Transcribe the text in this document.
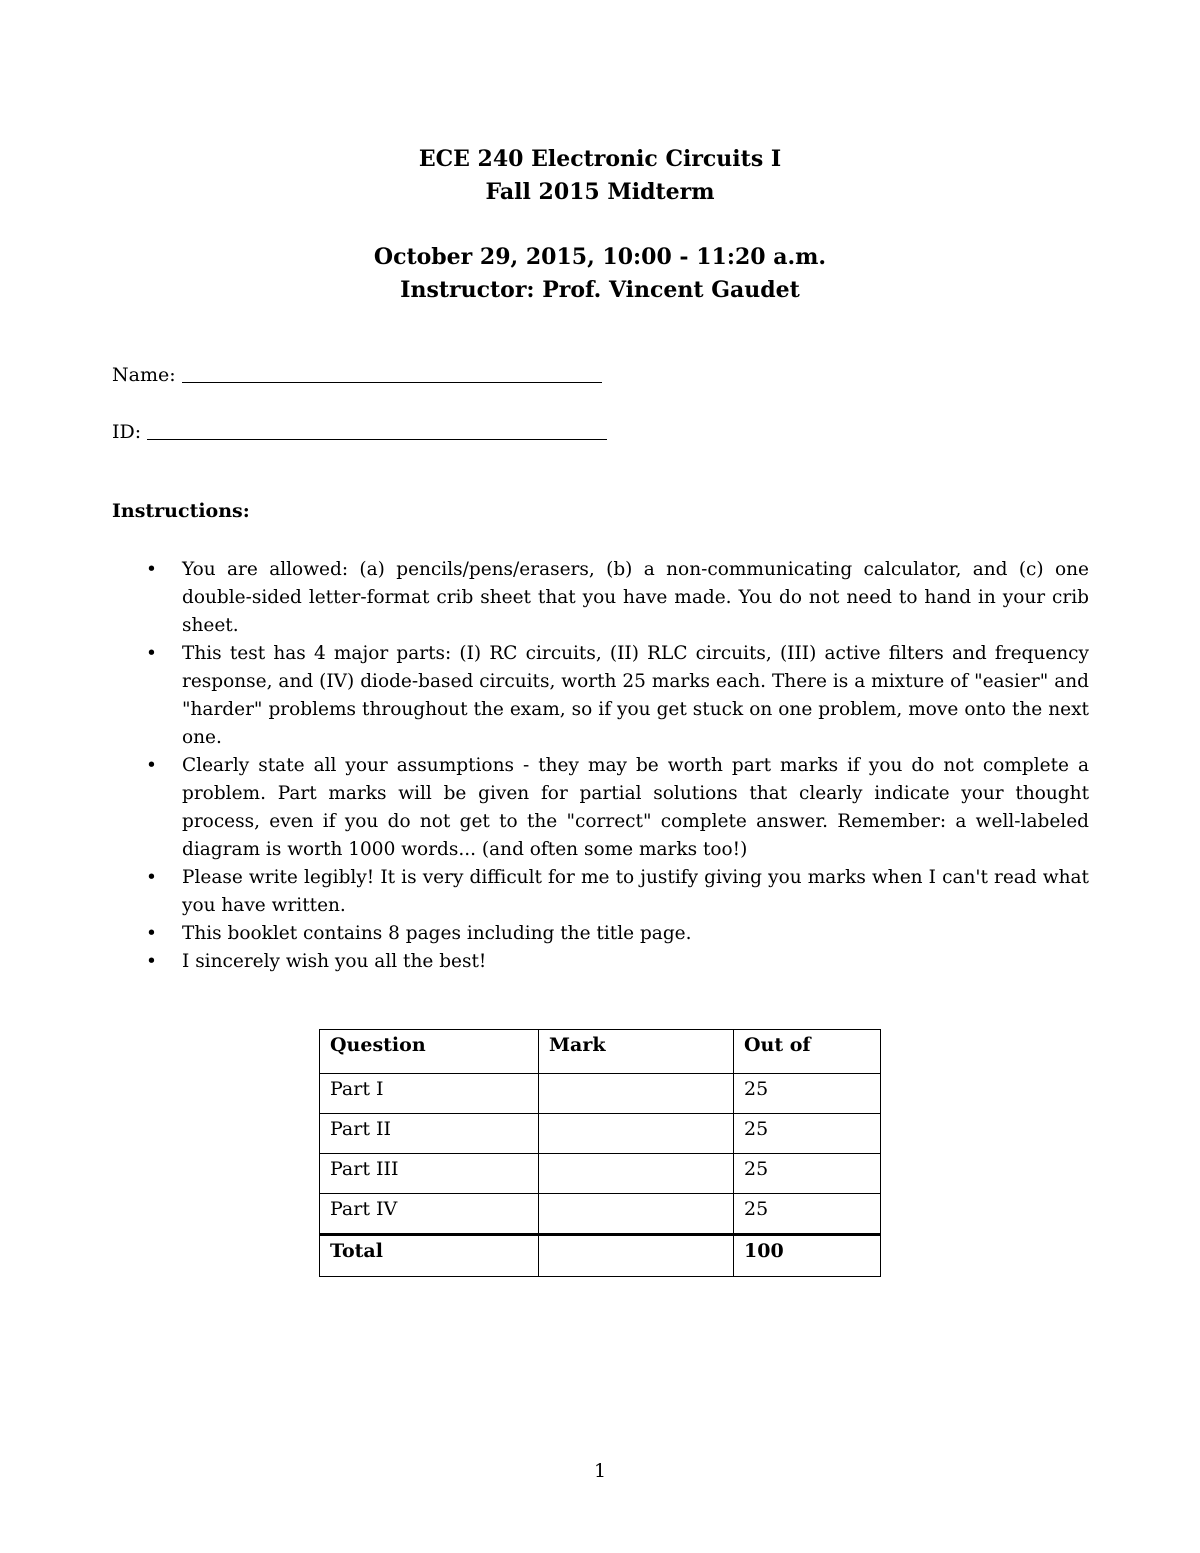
ECE 240 Electronic Circuits I
Fall 2015 Midterm
October 29, 2015, 10:00 - 11:20 a.m.
Instructor: Prof. Vincent Gaudet
Name:
ID:
Instructions:
• You are allowed: (a) pencils/pens/erasers, (b) a non-communicating calculator, and (c) one double-sided letter-format crib sheet that you have made. You do not need to hand in your crib sheet.
• This test has 4 major parts: (I) RC circuits, (II) RLC circuits, (III) active filters and frequency response, and (IV) diode-based circuits, worth 25 marks each. There is a mixture of "easier" and "harder" problems throughout the exam, so if you get stuck on one problem, move onto the next one.
• Clearly state all your assumptions - they may be worth part marks if you do not complete a problem. Part marks will be given for partial solutions that clearly indicate your thought process, even if you do not get to the "correct" complete answer. Remember: a well-labeled diagram is worth 1000 words... (and often some marks too!)
• Please write legibly! It is very difficult for me to justify giving you marks when I can't read what you have written.
• This booklet contains 8 pages including the title page.
• I sincerely wish you all the best!
Question	Mark	Out of
Part I		25
Part II		25
Part III		25
Part IV		25
Total		100
1
